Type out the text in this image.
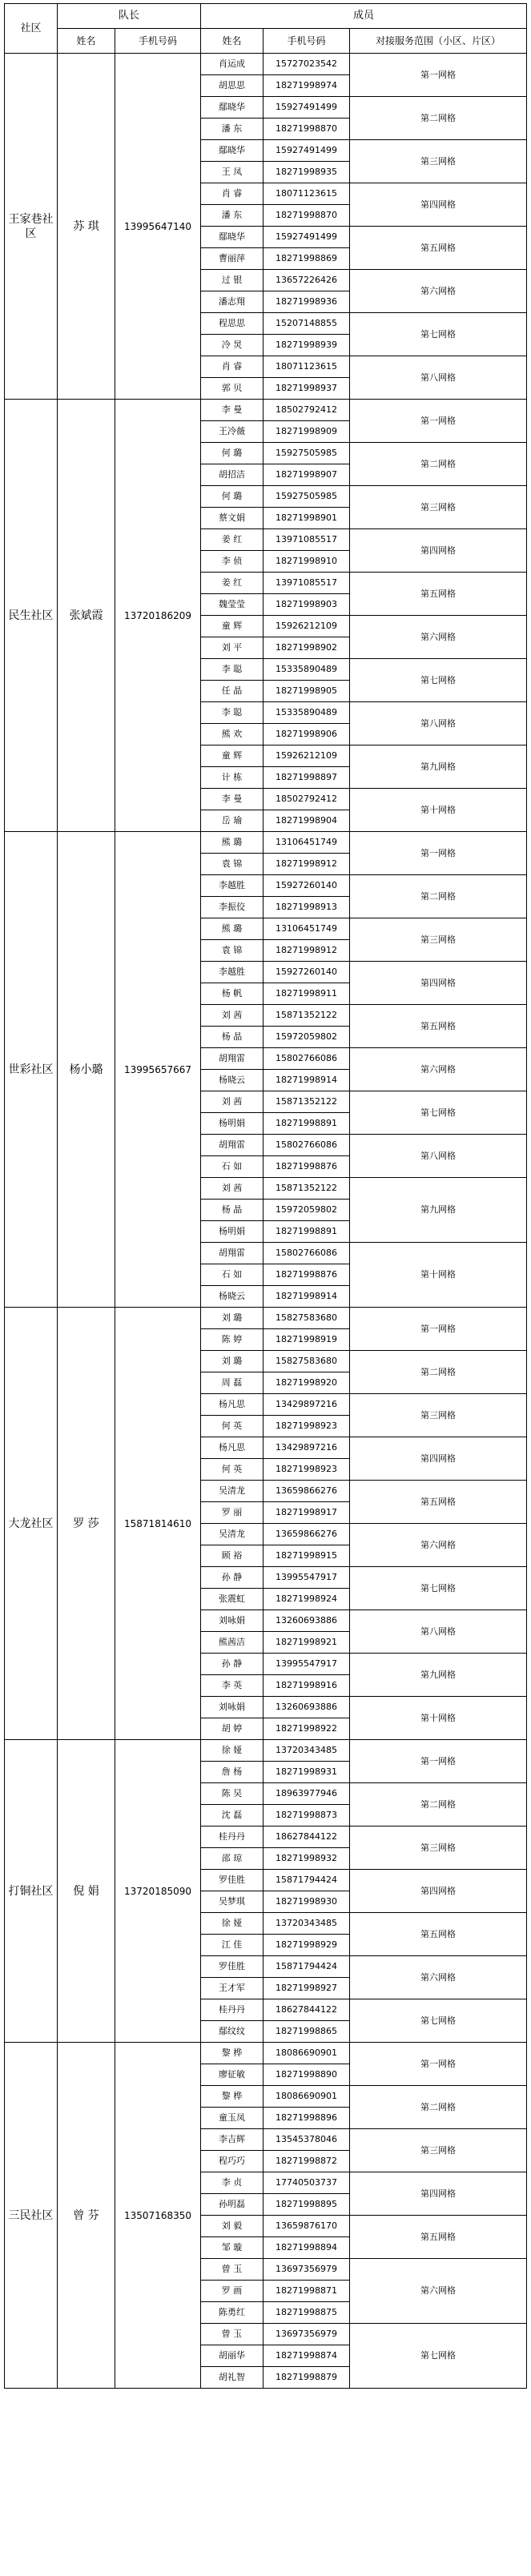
社区	队长		成员		
	姓名	手机号码	姓名	手机号码	对接服务范围（小区、片区）
王家巷社区	苏 琪	13995647140	肖运成	15727023542	第一网格
			胡思思	18271998974	
			鄢晓华	15927491499	第二网格
			潘 东	18271998870	
			鄢晓华	15927491499	第三网格
			王 凤	18271998935	
			肖 睿	18071123615	第四网格
			潘 东	18271998870	
			鄢晓华	15927491499	第五网格
			曹丽萍	18271998869	
			过 银	13657226426	第六网格
			潘志翔	18271998936	
			程思思	15207148855	第七网格
			冷 炅	18271998939	
			肖 睿	18071123615	第八网格
			郭 贝	18271998937	
民生社区	张斌霞	13720186209	李 曼	18502792412	第一网格
			王冷薇	18271998909	
			何 璐	15927505985	第二网格
			胡招洁	18271998907	
			何 璐	15927505985	第三网格
			蔡文娟	18271998901	
			姜 红	13971085517	第四网格
			李 侦	18271998910	
			姜 红	13971085517	第五网格
			魏莹莹	18271998903	
			童 辉	15926212109	第六网格
			刘 平	18271998902	
			李 聪	15335890489	第七网格
			任 晶	18271998905	
			李 聪	15335890489	第八网格
			熊 欢	18271998906	
			童 辉	15926212109	第九网格
			计 栋	18271998897	
			李 曼	18502792412	第十网格
			岳 瑜	18271998904	
世彩社区	杨小璐	13995657667	熊 璐	13106451749	第一网格
			袁 锦	18271998912	
			李越胜	15927260140	第二网格
			李振佼	18271998913	
			熊 璐	13106451749	第三网格
			袁 锦	18271998912	
			李越胜	15927260140	第四网格
			杨 帆	18271998911	
			刘 茜	15871352122	第五网格
			杨 晶	15972059802	
			胡翔雷	15802766086	第六网格
			杨晓云	18271998914	
			刘 茜	15871352122	第七网格
			杨明娟	18271998891	
			胡翔雷	15802766086	第八网格
			石 如	18271998876	
			刘 茜	15871352122	第九网格
			杨 晶	15972059802	
			杨明娟	18271998891	
			胡翔雷	15802766086	第十网格
			石 如	18271998876	
			杨晓云	18271998914	
大龙社区	罗 莎	15871814610	刘 璐	15827583680	第一网格
			陈 婷	18271998919	
			刘 璐	15827583680	第二网格
			周 磊	18271998920	
			杨凡思	13429897216	第三网格
			何 英	18271998923	
			杨凡思	13429897216	第四网格
			何 英	18271998923	
			吴清龙	13659866276	第五网格
			罗 丽	18271998917	
			吴清龙	13659866276	第六网格
			顾 裕	18271998915	
			孙 静	13995547917	第七网格
			张震虹	18271998924	
			刘咏娟	13260693886	第八网格
			熊茜洁	18271998921	
			孙 静	13995547917	第九网格
			李 英	18271998916	
			刘咏娟	13260693886	第十网格
			胡 婷	18271998922	
打铜社区	倪 娟	13720185090	徐 娅	13720343485	第一网格
			詹 杨	18271998931	
			陈 旲	18963977946	第二网格
			沈 磊	18271998873	
			桂丹丹	18627844122	第三网格
			邵 琼	18271998932	
			罗佳胜	15871794424	第四网格
			吴梦琪	18271998930	
			徐 娅	13720343485	第五网格
			江 佳	18271998929	
			罗佳胜	15871794424	第六网格
			王才军	18271998927	
			桂丹丹	18627844122	第七网格
			鄢纹纹	18271998865	
三民社区	曾 芬	13507168350	黎 桦	18086690901	第一网格
			廖征敏	18271998890	
			黎 桦	18086690901	第二网格
			童玉凤	18271998896	
			李吉辉	13545378046	第三网格
			程巧巧	18271998872	
			李 贞	17740503737	第四网格
			孙明磊	18271998895	
			刘 毅	13659876170	第五网格
			邹 璇	18271998894	
			曾 玉	13697356979	第六网格
			罗 画	18271998871	
			陈勇红	18271998875	
			曾 玉	13697356979	第七网格
			胡丽华	18271998874	
			胡礼智	18271998879	
